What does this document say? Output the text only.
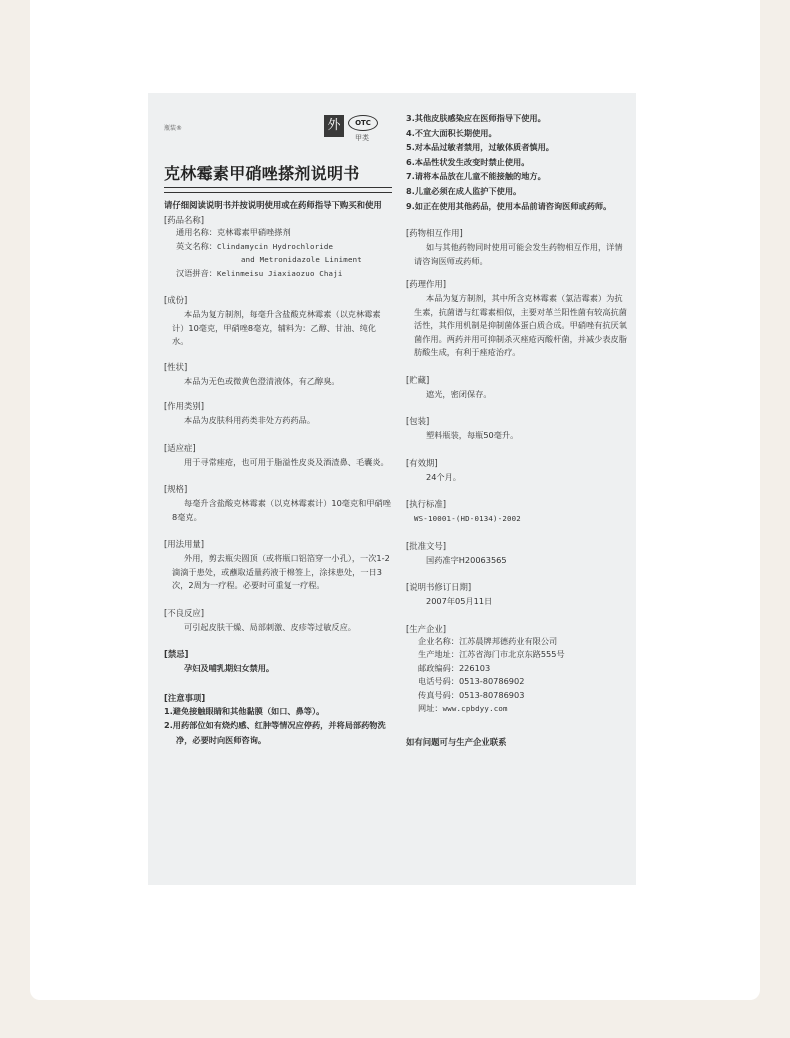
瓶装®	外	OTC
甲类
克林霉素甲硝唑搽剂说明书
请仔细阅读说明书并按说明使用或在药师指导下购买和使用
[药品名称]
通用名称：克林霉素甲硝唑搽剂
英文名称：Clindamycin Hydrochloride
and Metronidazole Liniment
汉语拼音：Kelinmeisu Jiaxiaozuo Chaji
[成份]
本品为复方制剂，每毫升含盐酸克林霉素（以克林霉素计）10毫克，甲硝唑8毫克，辅料为：乙醇、甘油、纯化水。
[性状]
本品为无色或微黄色澄清液体，有乙醇臭。
[作用类别]
本品为皮肤科用药类非处方药药品。
[适应症]
用于寻常痤疮，也可用于脂溢性皮炎及酒渣鼻、毛囊炎。
[规格]
每毫升含盐酸克林霉素（以克林霉素计）10毫克和甲硝唑8毫克。
[用法用量]
外用，剪去瓶尖圆顶（或将瓶口铝箔穿一小孔），一次1-2滴滴于患处，或蘸取适量药液于棉签上，涂抹患处，一日3次，2周为一疗程。必要时可重复一疗程。
[不良反应]
可引起皮肤干燥、局部刺激、皮疹等过敏反应。
[禁忌]
孕妇及哺乳期妇女禁用。
[注意事项]
1.避免接触眼睛和其他黏膜（如口、鼻等）。
2.用药部位如有烧灼感、红肿等情况应停药，并将局部药物洗净，必要时向医师咨询。
3.其他皮肤感染应在医师指导下使用。
4.不宜大面积长期使用。
5.对本品过敏者禁用，过敏体质者慎用。
6.本品性状发生改变时禁止使用。
7.请将本品放在儿童不能接触的地方。
8.儿童必须在成人监护下使用。
9.如正在使用其他药品，使用本品前请咨询医师或药师。
[药物相互作用]
如与其他药物同时使用可能会发生药物相互作用，详情请咨询医师或药师。
[药理作用]
本品为复方制剂，其中所含克林霉素（氯洁霉素）为抗生素，抗菌谱与红霉素相似，主要对革兰阳性菌有较高抗菌活性，其作用机制是抑制菌体蛋白质合成。甲硝唑有抗厌氧菌作用。两药并用可抑制杀灭痤疮丙酸杆菌，并减少表皮脂肪酸生成，有利于痤疮治疗。
[贮藏]
遮光，密闭保存。
[包装]
塑料瓶装，每瓶50毫升。
[有效期]
24个月。
[执行标准]
WS-10001-(HD-0134)-2002
[批准文号]
国药准字H20063565
[说明书修订日期]
2007年05月11日
[生产企业]
企业名称：江苏晨牌邦德药业有限公司
生产地址：江苏省海门市北京东路555号
邮政编码：226103
电话号码：0513-80786902
传真号码：0513-80786903
网址：www.cpbdyy.com
如有问题可与生产企业联系
